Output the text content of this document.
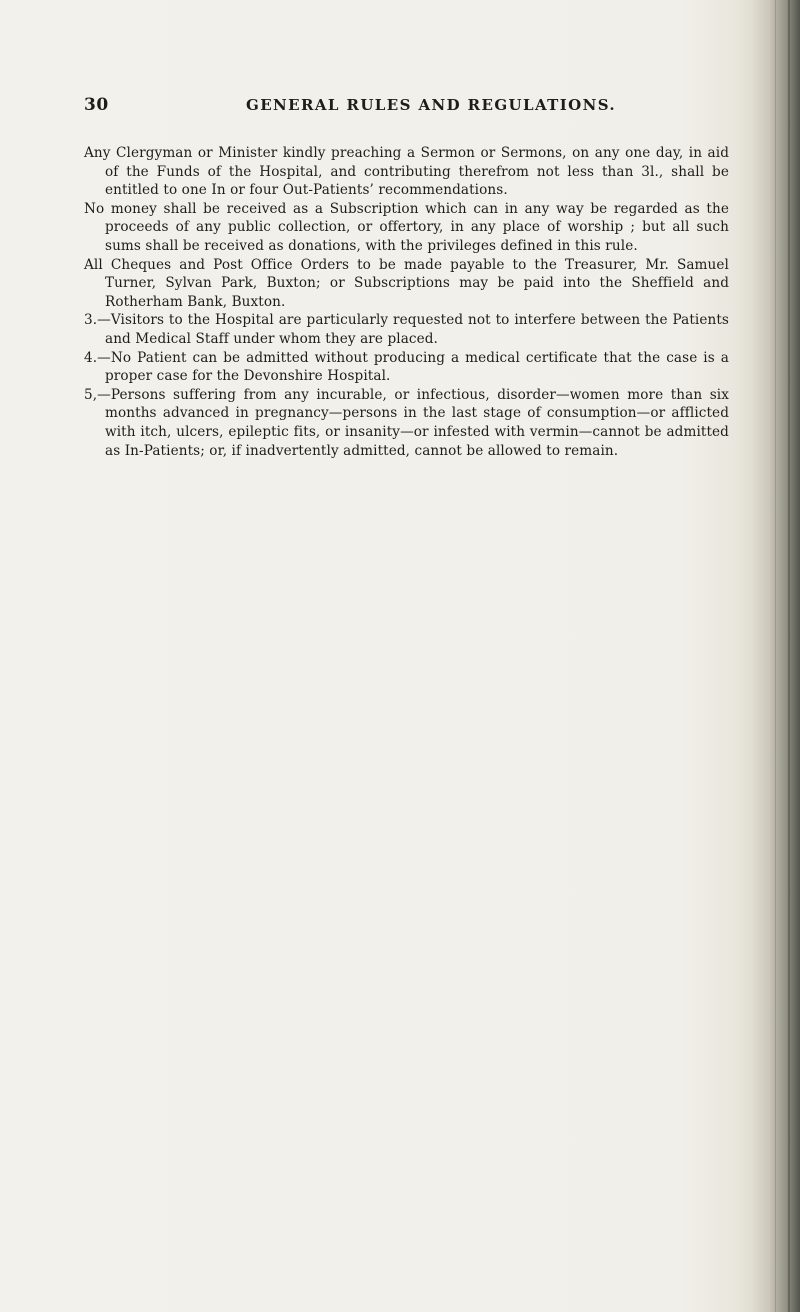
30	GENERAL RULES AND REGULATIONS.

Any Clergyman or Minister kindly preaching a Sermon or Sermons, on any one day, in aid of the Funds of the Hospital, and contributing therefrom not less than 3l., shall be entitled to one In or four Out-Patients’ recommendations.

No money shall be received as a Subscription which can in any way be regarded as the proceeds of any public collection, or offertory, in any place of worship ; but all such sums shall be received as donations, with the privileges defined in this rule.

All Cheques and Post Office Orders to be made payable to the Treasurer, Mr. Samuel Turner, Sylvan Park, Buxton; or Subscriptions may be paid into the Sheffield and Rotherham Bank, Buxton.

3.—Visitors to the Hospital are particularly requested not to interfere between the Patients and Medical Staff under whom they are placed.

4.—No Patient can be admitted without producing a medical certificate that the case is a proper case for the Devonshire Hospital.

5,—Persons suffering from any incurable, or infectious, disorder—women more than six months advanced in pregnancy—persons in the last stage of consumption—or afflicted with itch, ulcers, epileptic fits, or insanity—or infested with vermin—cannot be admitted as In-Patients; or, if inadvertently admitted, cannot be allowed to remain.
